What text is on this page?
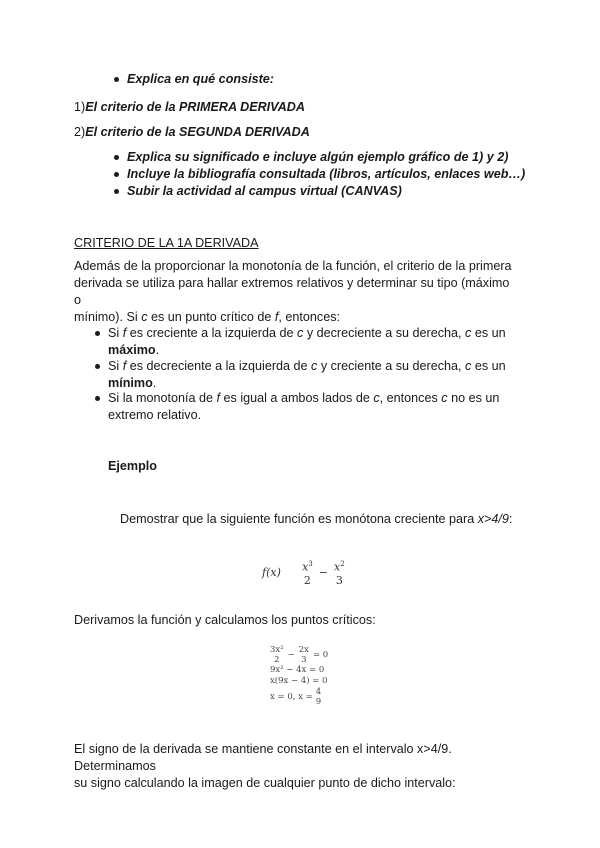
Explica en qué consiste:
1)El criterio de la PRIMERA DERIVADA
2)El criterio de la SEGUNDA DERIVADA
Explica su significado e incluye algún ejemplo gráfico de 1) y 2)
Incluye la bibliografía consultada (libros, artículos, enlaces web…)
Subir la actividad al campus virtual (CANVAS)
CRITERIO DE LA 1A DERIVADA
Además de la proporcionar la monotonía de la función, el criterio de la primera
derivada se utiliza para hallar extremos relativos y determinar su tipo (máximo o
mínimo). Si c es un punto crítico de f, entonces:
Si f es creciente a la izquierda de c y decreciente a su derecha, c es un
máximo.
Si f es decreciente a la izquierda de c y creciente a su derecha, c es un
mínimo.
Si la monotonía de f es igual a ambos lados de c, entonces c no es un
extremo relativo.
Ejemplo
Demostrar que la siguiente función es monótona creciente para x>4/9:
$f(x) = x^3$
2
− $x^2$
3
Derivamos la función y calculamos los puntos críticos:
3x²
2
− 2x
3
= 0
9x² − 4x = 0
x(9x − 4) = 0
x = 0, x = 4
9
El signo de la derivada se mantiene constante en el intervalo x>4/9. Determinamos
su signo calculando la imagen de cualquier punto de dicho intervalo:
